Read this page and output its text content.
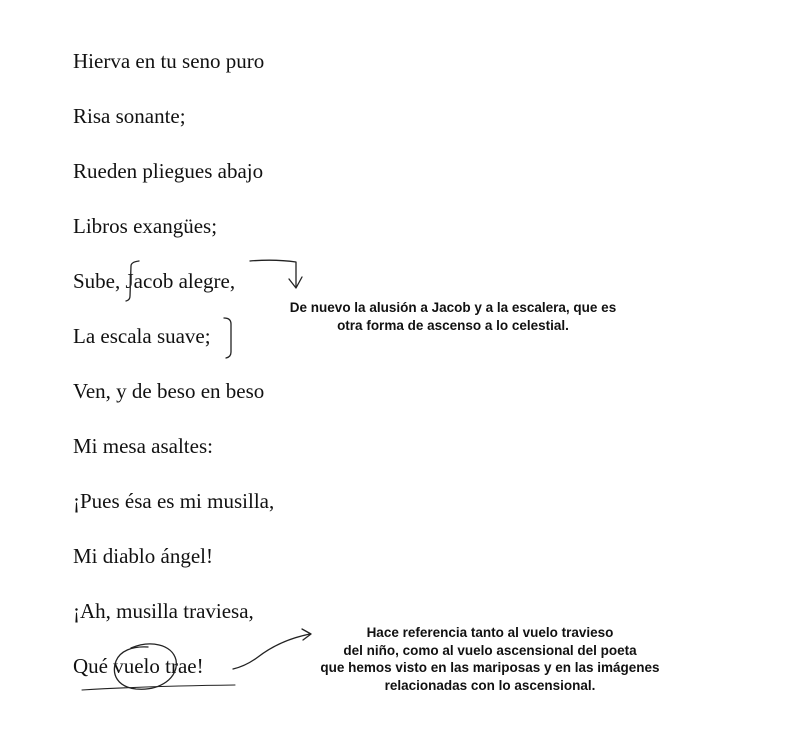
Hierva en tu seno puro
Risa sonante;
Rueden pliegues abajo
Libros exangües;
Sube, Jacob alegre,
La escala suave;
Ven, y de beso en beso
Mi mesa asaltes:
¡Pues ésa es mi musilla,
Mi diablo ángel!
¡Ah, musilla traviesa,
Qué vuelo trae!
De nuevo la alusión a Jacob y a la escalera, que es
otra forma de ascenso a lo celestial.
Hace referencia tanto al vuelo travieso
del niño, como al vuelo ascensional del poeta
que hemos visto en las mariposas y en las imágenes
relacionadas con lo ascensional.
